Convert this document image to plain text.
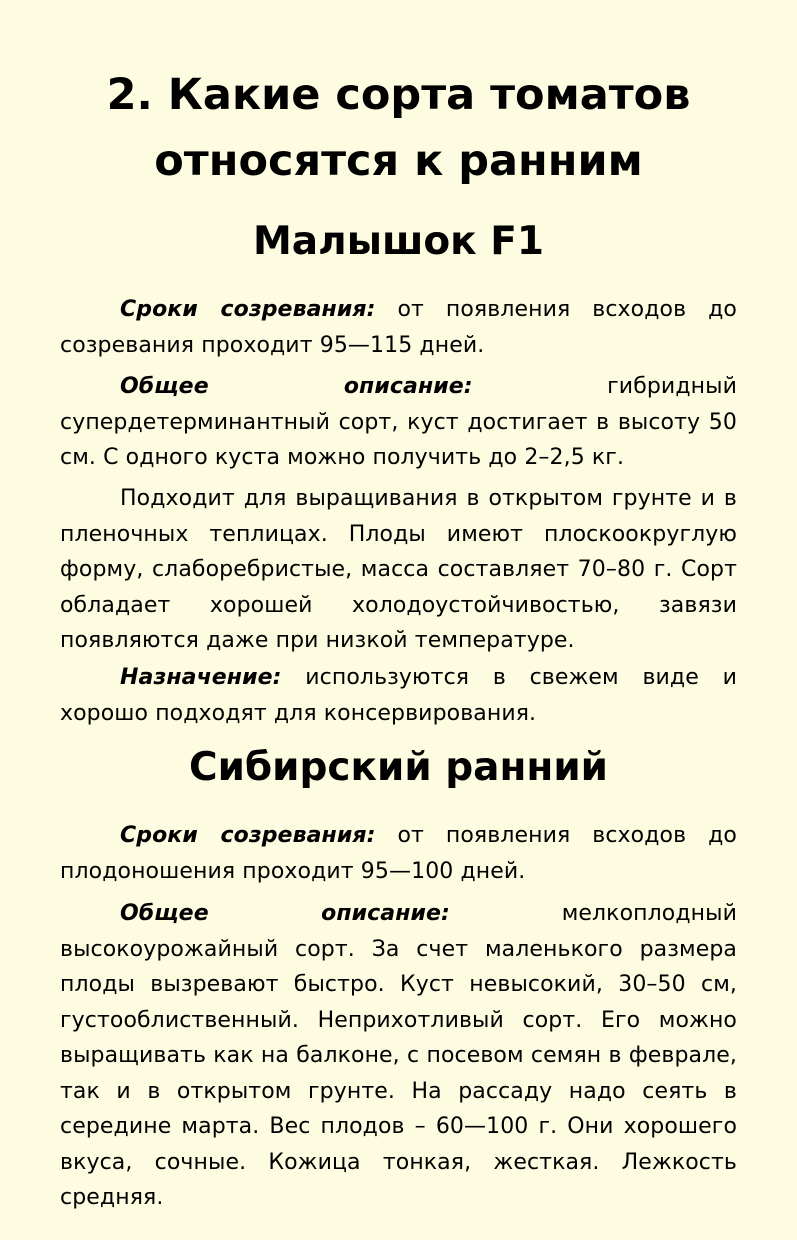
2. Какие сорта томатов
относятся к ранним
Малышок F1

Сроки созревания: от появления всходов до созревания проходит 95—115 дней.

Общее описание:	гибридный супердетерминантный сорт, куст достигает в высоту 50 см. С одного куста можно получить до 2–2,5 кг.

Подходит для выращивания в открытом грунте и в пленочных теплицах. Плоды имеют плоскоокруглую форму, слаборебристые, масса составляет 70–80 г. Сорт обладает хорошей холодоустойчивостью, завязи появляются даже при низкой температуре.

Назначение: используются в свежем виде и хорошо подходят для консервирования.

Сибирский ранний

Сроки созревания: от появления всходов до плодоношения проходит 95—100 дней.

Общее описание:	мелкоплодный высокоурожайный сорт. За счет маленького размера плоды вызревают быстро. Куст невысокий, 30–50 см, густооблиственный. Неприхотливый сорт. Его можно выращивать как на балконе, с посевом семян в феврале, так и в открытом грунте. На рассаду надо сеять в середине марта. Вес плодов – 60—100 г. Они хорошего вкуса, сочные. Кожица тонкая, жесткая. Лежкость средняя.
